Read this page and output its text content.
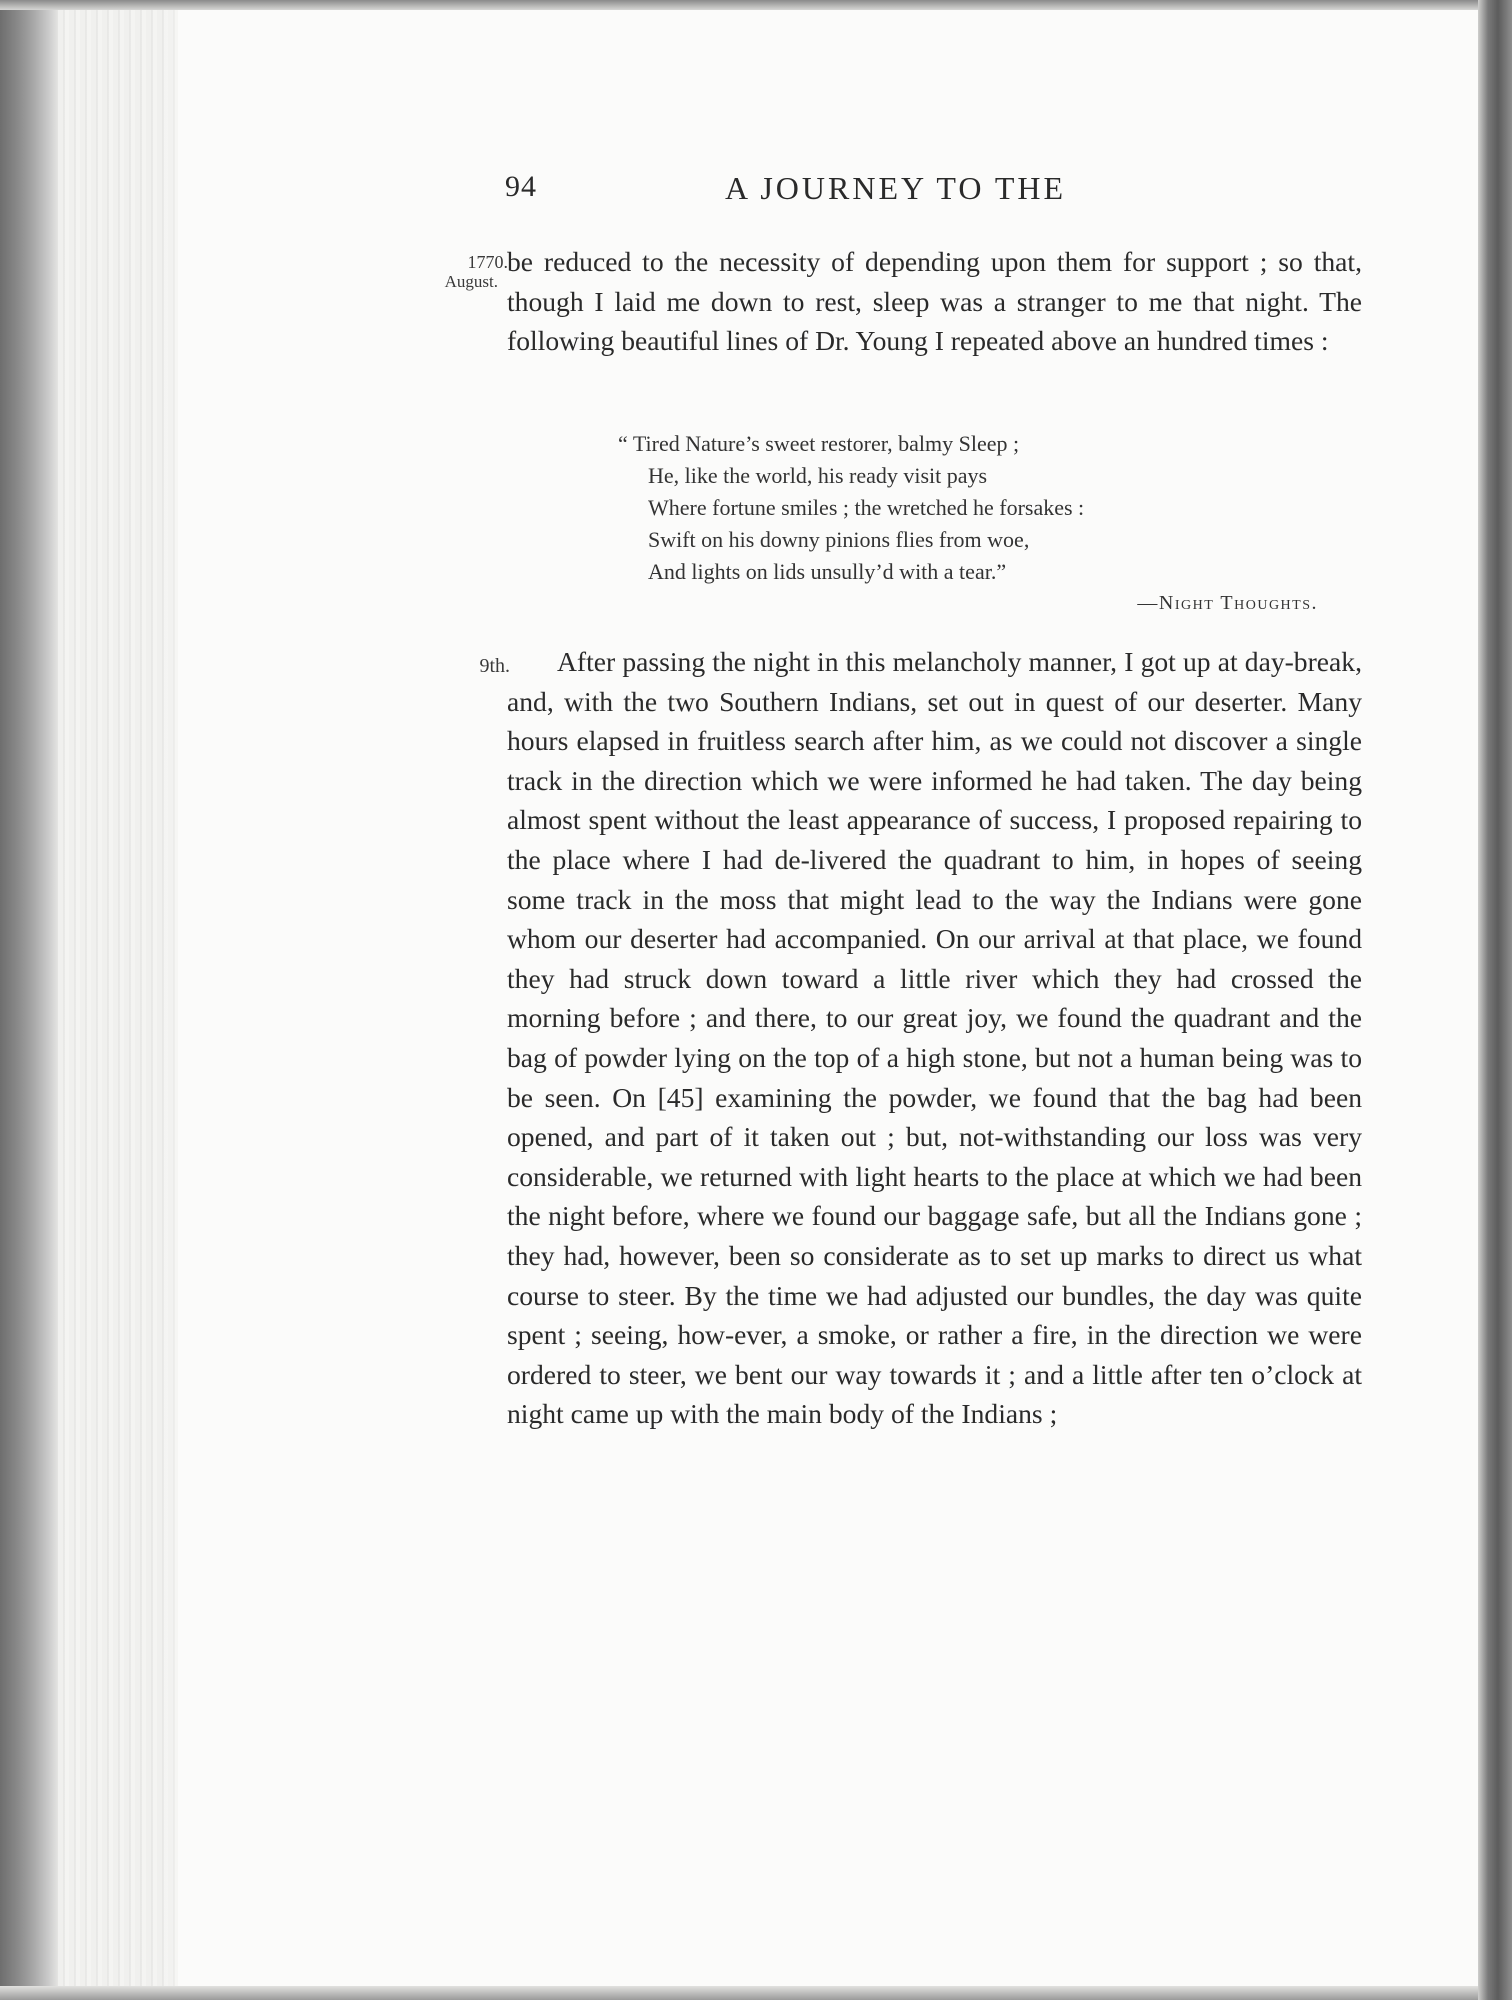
94	A JOURNEY TO THE
1770.
August.

be reduced to the necessity of depending upon them for support ; so that, though I laid me down to rest, sleep was a stranger to me that night. The following beautiful lines of Dr. Young I repeated above an hundred times :

“ Tired Nature’s sweet restorer, balmy Sleep ;
He, like the world, his ready visit pays
Where fortune smiles ; the wretched he forsakes :
Swift on his downy pinions flies from woe,
And lights on lids unsully’d with a tear.”
—Night Thoughts.
9th.	After passing the night in this melancholy manner, I got up at day-break, and, with the two Southern Indians, set out in quest of our deserter. Many hours elapsed in fruitless search after him, as we could not discover a single track in the direction which we were informed he had taken. The day being almost spent without the least appearance of success, I proposed repairing to the place where I had de-livered the quadrant to him, in hopes of seeing some track in the moss that might lead to the way the Indians were gone whom our deserter had accompanied. On our arrival at that place, we found they had struck down toward a little river which they had crossed the morning before ; and there, to our great joy, we found the quadrant and the bag of powder lying on the top of a high stone, but not a human being was to be seen. On [45] examining the powder, we found that the bag had been opened, and part of it taken out ; but, not-withstanding our loss was very considerable, we returned with light hearts to the place at which we had been the night before, where we found our baggage safe, but all the Indians gone ; they had, however, been so considerate as to set up marks to direct us what course to steer. By the time we had adjusted our bundles, the day was quite spent ; seeing, how-ever, a smoke, or rather a fire, in the direction we were ordered to steer, we bent our way towards it ; and a little after ten o’clock at night came up with the main body of the Indians ;
